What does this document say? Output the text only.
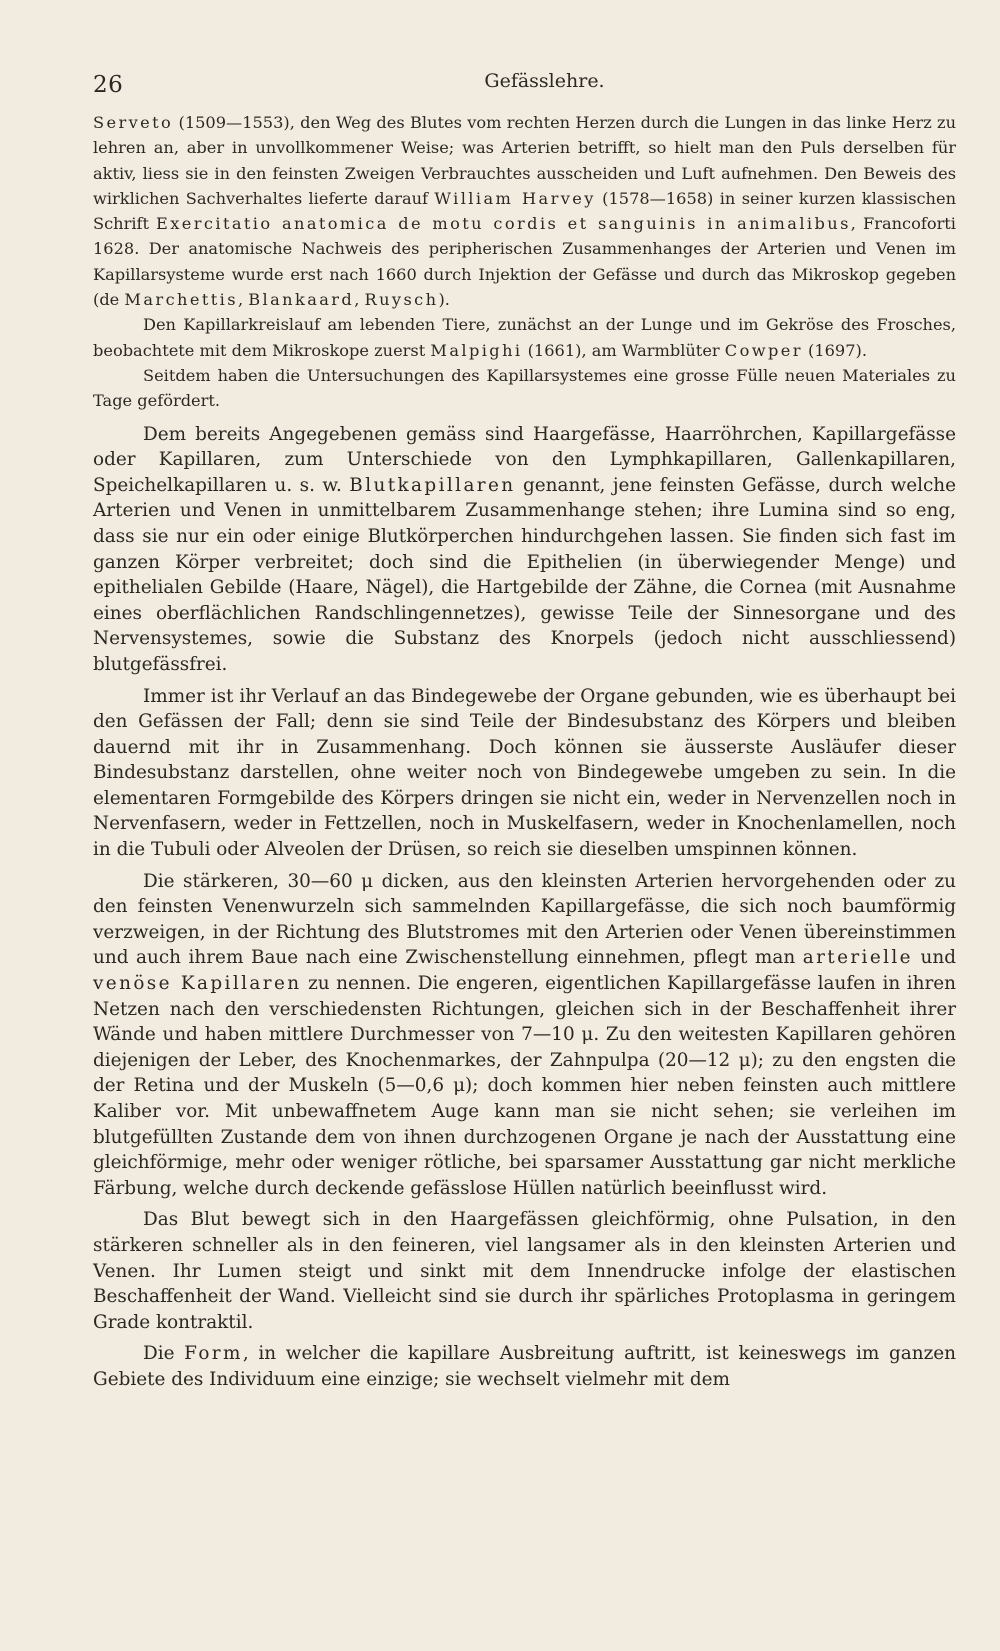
26	Gefässlehre.

Serveto (1509—1553), den Weg des Blutes vom rechten Herzen durch die Lungen in das linke Herz zu lehren an, aber in unvollkommener Weise; was Arterien betrifft, so hielt man den Puls derselben für aktiv, liess sie in den feinsten Zweigen Verbrauchtes ausscheiden und Luft aufnehmen. Den Beweis des wirklichen Sachverhaltes lieferte darauf William Harvey (1578—1658) in seiner kurzen klassischen Schrift Exercitatio anatomica de motu cordis et sanguinis in animalibus, Francoforti 1628. Der anatomische Nachweis des peripherischen Zusammenhanges der Arterien und Venen im Kapillarsysteme wurde erst nach 1660 durch Injektion der Gefässe und durch das Mikroskop gegeben (de Marchettis, Blankaard, Ruysch).

Den Kapillarkreislauf am lebenden Tiere, zunächst an der Lunge und im Gekröse des Frosches, beobachtete mit dem Mikroskope zuerst Malpighi (1661), am Warmblüter Cowper (1697).

Seitdem haben die Untersuchungen des Kapillarsystemes eine grosse Fülle neuen Materiales zu Tage gefördert.

Dem bereits Angegebenen gemäss sind Haargefässe, Haarröhrchen, Kapillargefässe oder Kapillaren, zum Unterschiede von den Lymphkapillaren, Gallenkapillaren, Speichelkapillaren u. s. w. Blutkapillaren genannt, jene feinsten Gefässe, durch welche Arterien und Venen in unmittelbarem Zusammenhange stehen; ihre Lumina sind so eng, dass sie nur ein oder einige Blutkörperchen hindurchgehen lassen. Sie finden sich fast im ganzen Körper verbreitet; doch sind die Epithelien (in überwiegender Menge) und epithelialen Gebilde (Haare, Nägel), die Hartgebilde der Zähne, die Cornea (mit Ausnahme eines oberflächlichen Randschlingennetzes), gewisse Teile der Sinnesorgane und des Nervensystemes, sowie die Substanz des Knorpels (jedoch nicht ausschliessend) blutgefässfrei.

Immer ist ihr Verlauf an das Bindegewebe der Organe gebunden, wie es überhaupt bei den Gefässen der Fall; denn sie sind Teile der Bindesubstanz des Körpers und bleiben dauernd mit ihr in Zusammenhang. Doch können sie äusserste Ausläufer dieser Bindesubstanz darstellen, ohne weiter noch von Bindegewebe umgeben zu sein. In die elementaren Formgebilde des Körpers dringen sie nicht ein, weder in Nervenzellen noch in Nervenfasern, weder in Fettzellen, noch in Muskelfasern, weder in Knochenlamellen, noch in die Tubuli oder Alveolen der Drüsen, so reich sie dieselben umspinnen können.

Die stärkeren, 30—60 μ dicken, aus den kleinsten Arterien hervorgehenden oder zu den feinsten Venenwurzeln sich sammelnden Kapillargefässe, die sich noch baumförmig verzweigen, in der Richtung des Blutstromes mit den Arterien oder Venen übereinstimmen und auch ihrem Baue nach eine Zwischenstellung einnehmen, pflegt man arterielle und venöse Kapillaren zu nennen. Die engeren, eigentlichen Kapillargefässe laufen in ihren Netzen nach den verschiedensten Richtungen, gleichen sich in der Beschaffenheit ihrer Wände und haben mittlere Durchmesser von 7—10 μ. Zu den weitesten Kapillaren gehören diejenigen der Leber, des Knochenmarkes, der Zahnpulpa (20—12 μ); zu den engsten die der Retina und der Muskeln (5—0,6 μ); doch kommen hier neben feinsten auch mittlere Kaliber vor. Mit unbewaffnetem Auge kann man sie nicht sehen; sie verleihen im blutgefüllten Zustande dem von ihnen durchzogenen Organe je nach der Ausstattung eine gleichförmige, mehr oder weniger rötliche, bei sparsamer Ausstattung gar nicht merkliche Färbung, welche durch deckende gefässlose Hüllen natürlich beeinflusst wird.

Das Blut bewegt sich in den Haargefässen gleichförmig, ohne Pulsation, in den stärkeren schneller als in den feineren, viel langsamer als in den kleinsten Arterien und Venen. Ihr Lumen steigt und sinkt mit dem Innendrucke infolge der elastischen Beschaffenheit der Wand. Vielleicht sind sie durch ihr spärliches Protoplasma in geringem Grade kontraktil.

Die Form, in welcher die kapillare Ausbreitung auftritt, ist keineswegs im ganzen Gebiete des Individuum eine einzige; sie wechselt vielmehr mit dem
